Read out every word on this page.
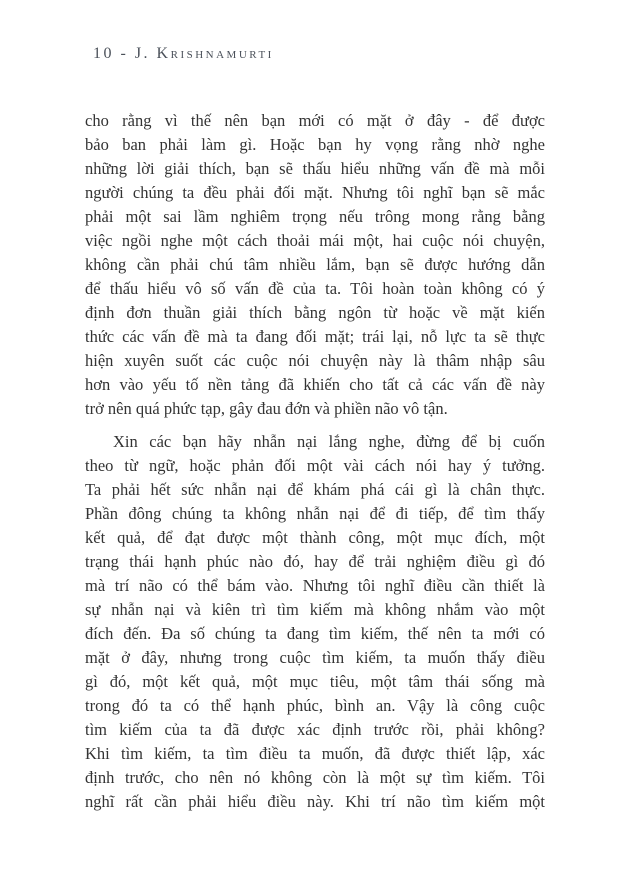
10 - J. Krishnamurti
cho rằng vì thế nên bạn mới có mặt ở đây - để được
bảo ban phải làm gì. Hoặc bạn hy vọng rằng nhờ nghe
những lời giải thích, bạn sẽ thấu hiểu những vấn đề mà mỗi
người chúng ta đều phải đối mặt. Nhưng tôi nghĩ bạn sẽ mắc
phải một sai lầm nghiêm trọng nếu trông mong rằng bằng
việc ngồi nghe một cách thoải mái một, hai cuộc nói chuyện,
không cần phải chú tâm nhiều lắm, bạn sẽ được hướng dẫn
để thấu hiểu vô số vấn đề của ta. Tôi hoàn toàn không có ý
định đơn thuần giải thích bằng ngôn từ hoặc về mặt kiến
thức các vấn đề mà ta đang đối mặt; trái lại, nỗ lực ta sẽ thực
hiện xuyên suốt các cuộc nói chuyện này là thâm nhập sâu
hơn vào yếu tố nền tảng đã khiến cho tất cả các vấn đề này
trở nên quá phức tạp, gây đau đớn và phiền não vô tận.
Xin các bạn hãy nhẫn nại lắng nghe, đừng để bị cuốn
theo từ ngữ, hoặc phản đối một vài cách nói hay ý tưởng.
Ta phải hết sức nhẫn nại để khám phá cái gì là chân thực.
Phần đông chúng ta không nhẫn nại để đi tiếp, để tìm thấy
kết quả, để đạt được một thành công, một mục đích, một
trạng thái hạnh phúc nào đó, hay để trải nghiệm điều gì đó
mà trí não có thể bám vào. Nhưng tôi nghĩ điều cần thiết là
sự nhẫn nại và kiên trì tìm kiếm mà không nhắm vào một
đích đến. Đa số chúng ta đang tìm kiếm, thế nên ta mới có
mặt ở đây, nhưng trong cuộc tìm kiếm, ta muốn thấy điều
gì đó, một kết quả, một mục tiêu, một tâm thái sống mà
trong đó ta có thể hạnh phúc, bình an. Vậy là công cuộc
tìm kiếm của ta đã được xác định trước rồi, phải không?
Khi tìm kiếm, ta tìm điều ta muốn, đã được thiết lập, xác
định trước, cho nên nó không còn là một sự tìm kiếm. Tôi
nghĩ rất cần phải hiểu điều này. Khi trí não tìm kiếm một
